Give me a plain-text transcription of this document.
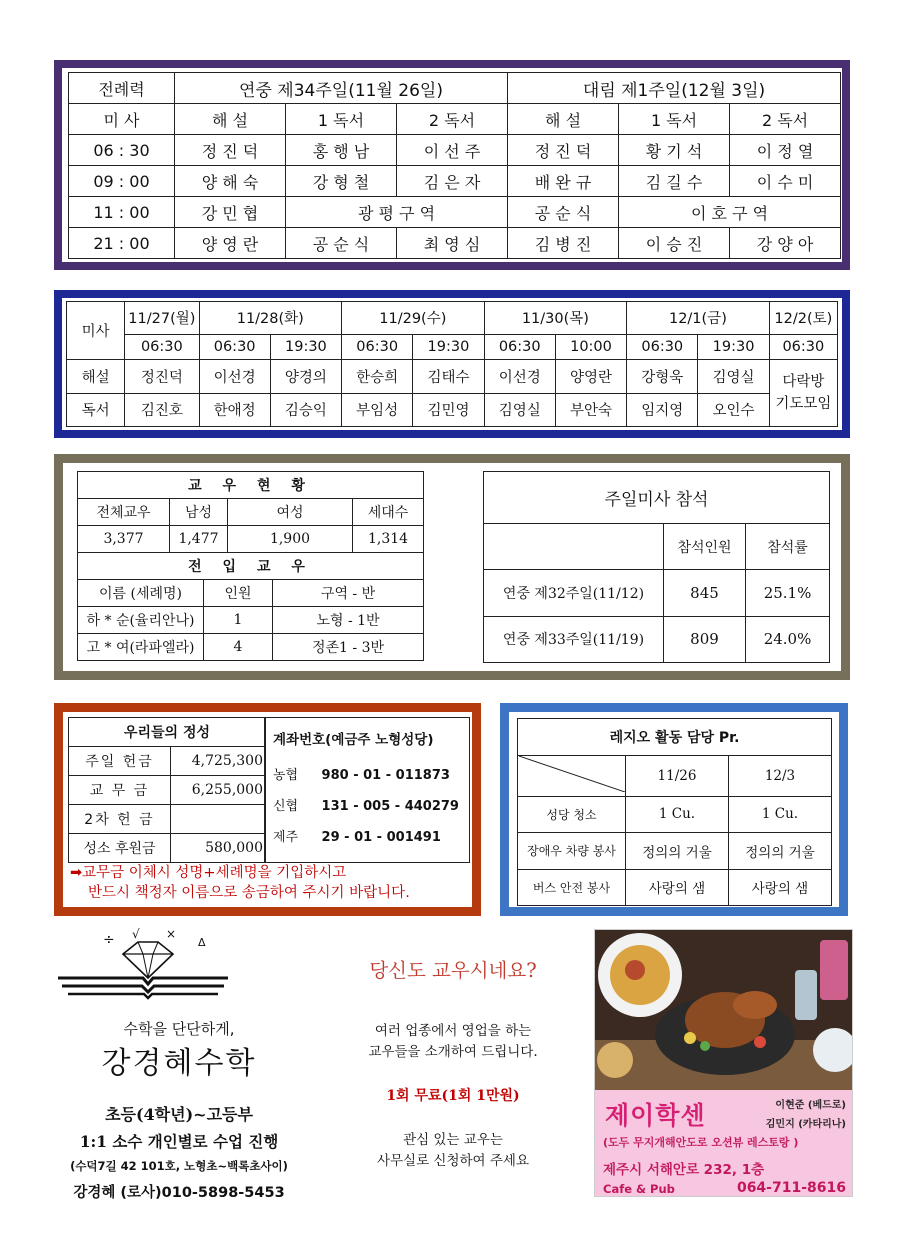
전례력	연중 제34주일(11월 26일)			대림 제1주일(12월 3일)		
미 사	해 설	1 독서	2 독서	해 설	1 독서	2 독서
06 : 30	정 진 덕	홍 행 남	이 선 주	정 진 덕	황 기 석	이 정 열
09 : 00	양 해 숙	강 형 철	김 은 자	배 완 규	김 길 수	이 수 미
11 : 00	강 민 협	광 평 구 역		공 순 식	이 호 구 역	
21 : 00	양 영 란	공 순 식	최 영 심	김 병 진	이 승 진	강 양 아
미사	11/27(월)	11/28(화)		11/29(수)		11/30(목)		12/1(금)		12/2(토)
	06:30	06:30	19:30	06:30	19:30	06:30	10:00	06:30	19:30	06:30
해설	정진덕	이선경	양경의	한승희	김태수	이선경	양영란	강형욱	김영실	다락방
기도모임

독서	김진호	한애정	김승익	부임성	김민영	김영실	부안숙	임지영	오인수	
교 우 현 황					
전체교우	남성		여성		세대수
3,377	1,477		1,900		1,314
전 입 교 우					
이름 (세례명)		인원		구역 - 반	
하 * 순(율리안나)		1		노형 - 1반	
고 * 여(라파엘라)		4		정존1 - 3반	
주일미사 참석		
	참석인원	참석률
연중 제32주일(11/12)	845	25.1%
연중 제33주일(11/19)	809	24.0%
우리들의 정성	
주일 헌금	4,725,300
교 무 금	6,255,000
2차 헌 금	
성소 후원금	580,000
계좌번호(예금주 노형성당)
농협 980 - 01 - 011873
신협 131 - 005 - 440279
제주 29 - 01 - 001491
➡교무금 이체시 성명+세례명을 기입하시고
반드시 책정자 이름으로 송금하여 주시기 바랍니다.
레지오 활동 담당 Pr.		
	11/26	12/3
성당 청소	1 Cu.	1 Cu.
장애우 차량 봉사	정의의 거울	정의의 거울
버스 안전 봉사	사랑의 샘	사랑의 샘
÷ √ ×
Δ
수학을 단단하게,
강경혜수학
초등(4학년)~고등부
1:1 소수 개인별로 수업 진행
(수덕7길 42 101호, 노형초~백록초사이)
강경혜 (로사)010-5898-5453
당신도 교우시네요?
여러 업종에서 영업을 하는
교우들을 소개하여 드립니다.
1회 무료(1회 1만원)
관심 있는 교우는
사무실로 신청하여 주세요
이현준 (베드로)
김민지 (카타리나)
제이학센
(도두 무지개해안도로 오션뷰 레스토랑 )
제주시 서해안로 232, 1층
Cafe & Pub	064-711-8616
